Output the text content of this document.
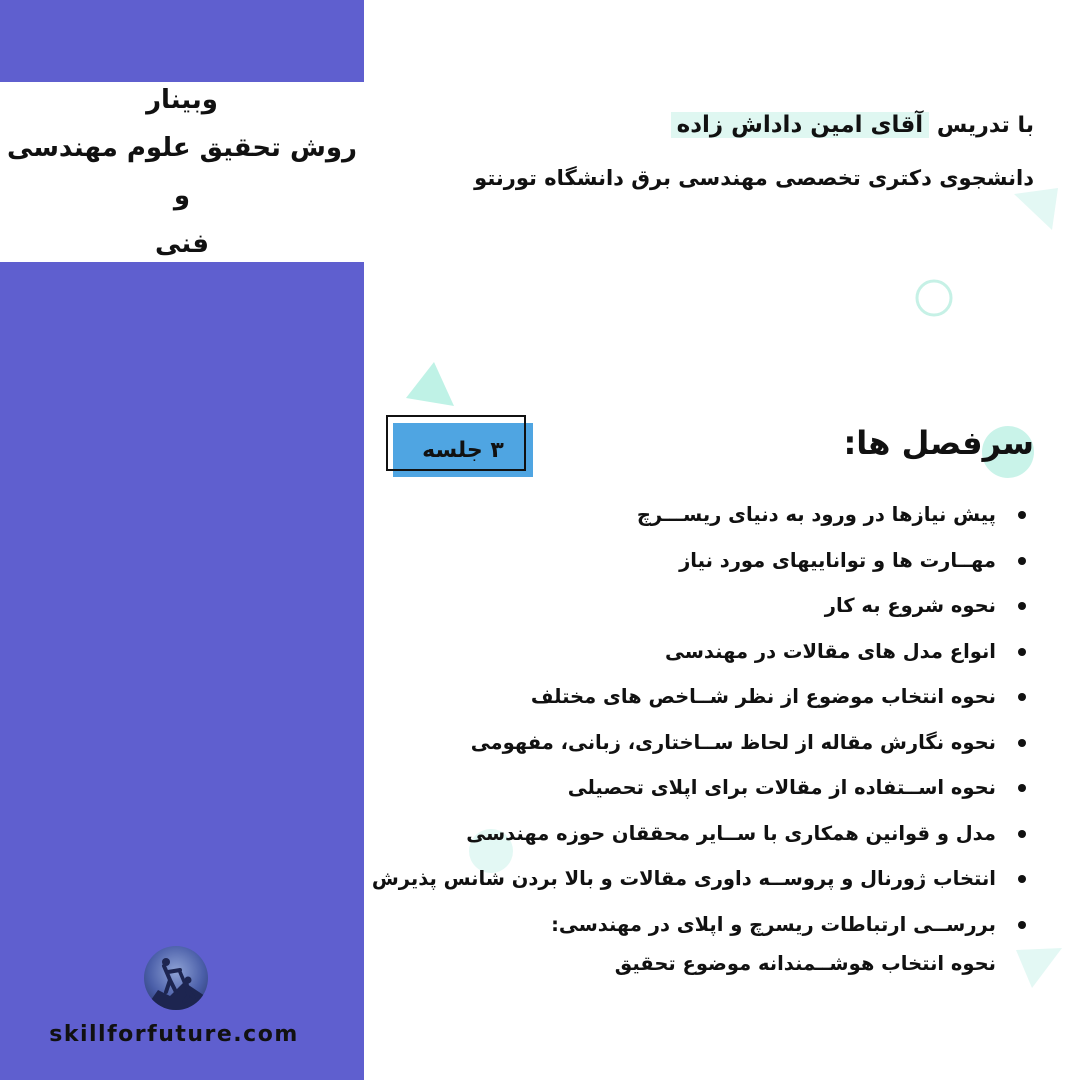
وبینار
روش تحقیق علوم مهندسی و
فنی
skillforfuture.com
با تدریس آقای امین داداش زاده
دانشجوی دکتری تخصصی مهندسی برق دانشگاه تورنتو
۳ جلسه	سرفصل ها:
پیش نیازها در ورود به دنیای ریســـرچ
مهــارت ها و تواناییهای مورد نیاز
نحوه شروع به کار
انواع مدل های مقالات در مهندسی
نحوه انتخاب موضوع از نظر شــاخص های مختلف
نحوه نگارش مقاله از لحاظ ســاختاری، زبانی، مفهومی
نحوه اســتفاده از مقالات برای اپلای تحصیلی
مدل و قوانین همکاری با ســایر محققان حوزه مهندسی
انتخاب ژورنال و پروســه داوری مقالات و بالا بردن شانس پذیرش
بررســی ارتباطات ریسرچ و اپلای در مهندسی:
نحوه انتخاب هوشــمندانه موضوع تحقیق
